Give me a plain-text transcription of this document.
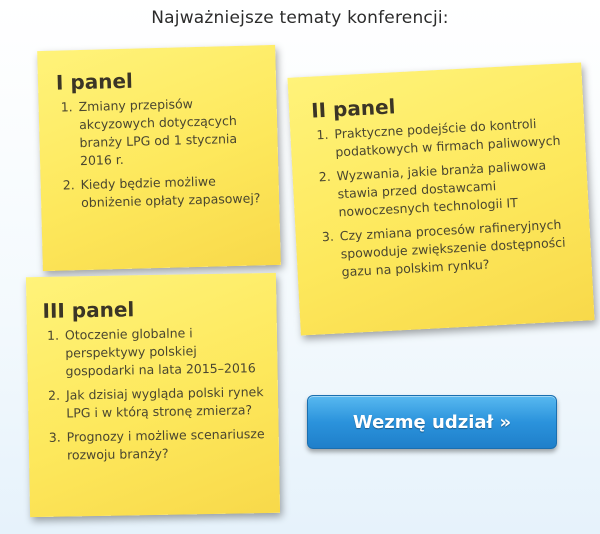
Najważniejsze tematy konferencji:
I panel
1. Zmiany przepisów akcyzowych dotyczących branży LPG od 1 stycznia 2016 r.
2. Kiedy będzie możliwe obniżenie opłaty zapasowej?
II panel
1. Praktyczne podejście do kontroli podatkowych w firmach paliwowych
2. Wyzwania, jakie branża paliwowa stawia przed dostawcami nowoczesnych technologii IT
3. Czy zmiana procesów rafineryjnych spowoduje zwiększenie dostępności gazu na polskim rynku?
III panel
1. Otoczenie globalne i perspektywy polskiej gospodarki na lata 2015–2016
2. Jak dzisiaj wygląda polski rynek LPG i w którą stronę zmierza?
3. Prognozy i możliwe scenariusze rozwoju branży?
Wezmę udział »
